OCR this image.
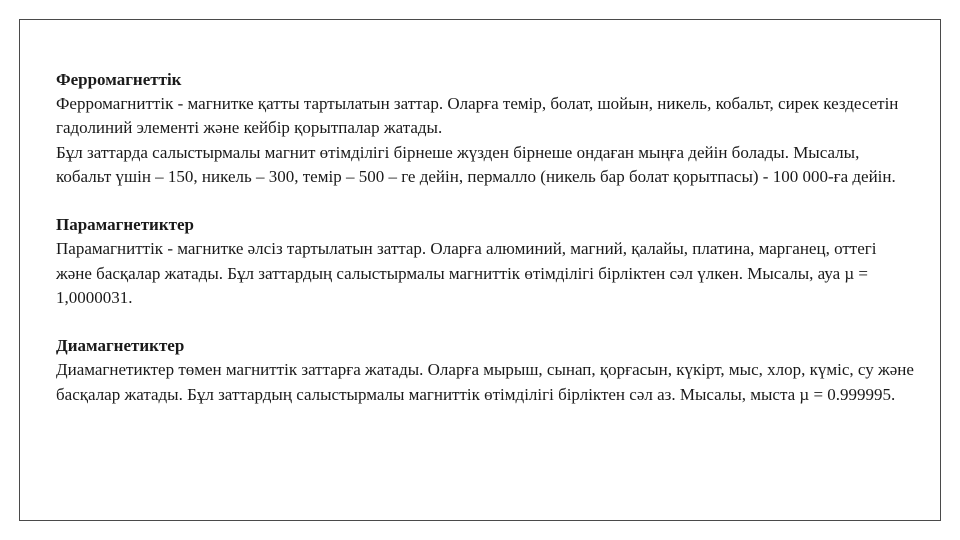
Ферромагнеттік

Ферромагниттік - магнитке қатты тартылатын заттар. Оларға темір, болат, шойын, никель, кобальт, сирек кездесетін гадолиний элементі және кейбір қорытпалар жатады.

Бұл заттарда салыстырмалы магнит өтімділігі бірнеше жүзден бірнеше ондаған мыңға дейін болады. Мысалы, кобальт үшін – 150, никель – 300, темір – 500 – ге дейін, пермалло (никель бар болат қорытпасы) - 100 000-ға дейін.

Парамагнетиктер

Парамагниттік - магнитке әлсіз тартылатын заттар. Оларға алюминий, магний, қалайы, платина, марганец, оттегі және басқалар жатады. Бұл заттардың салыстырмалы магниттік өтімділігі бірліктен сәл үлкен. Мысалы, ауа µ = 1,0000031.

Диамагнетиктер

Диамагнетиктер төмен магниттік заттарға жатады. Оларға мырыш, сынап, қорғасын, күкірт, мыс, хлор, күміс, су және басқалар жатады. Бұл заттардың салыстырмалы магниттік өтімділігі бірліктен сәл аз. Мысалы, мыста µ = 0.999995.
